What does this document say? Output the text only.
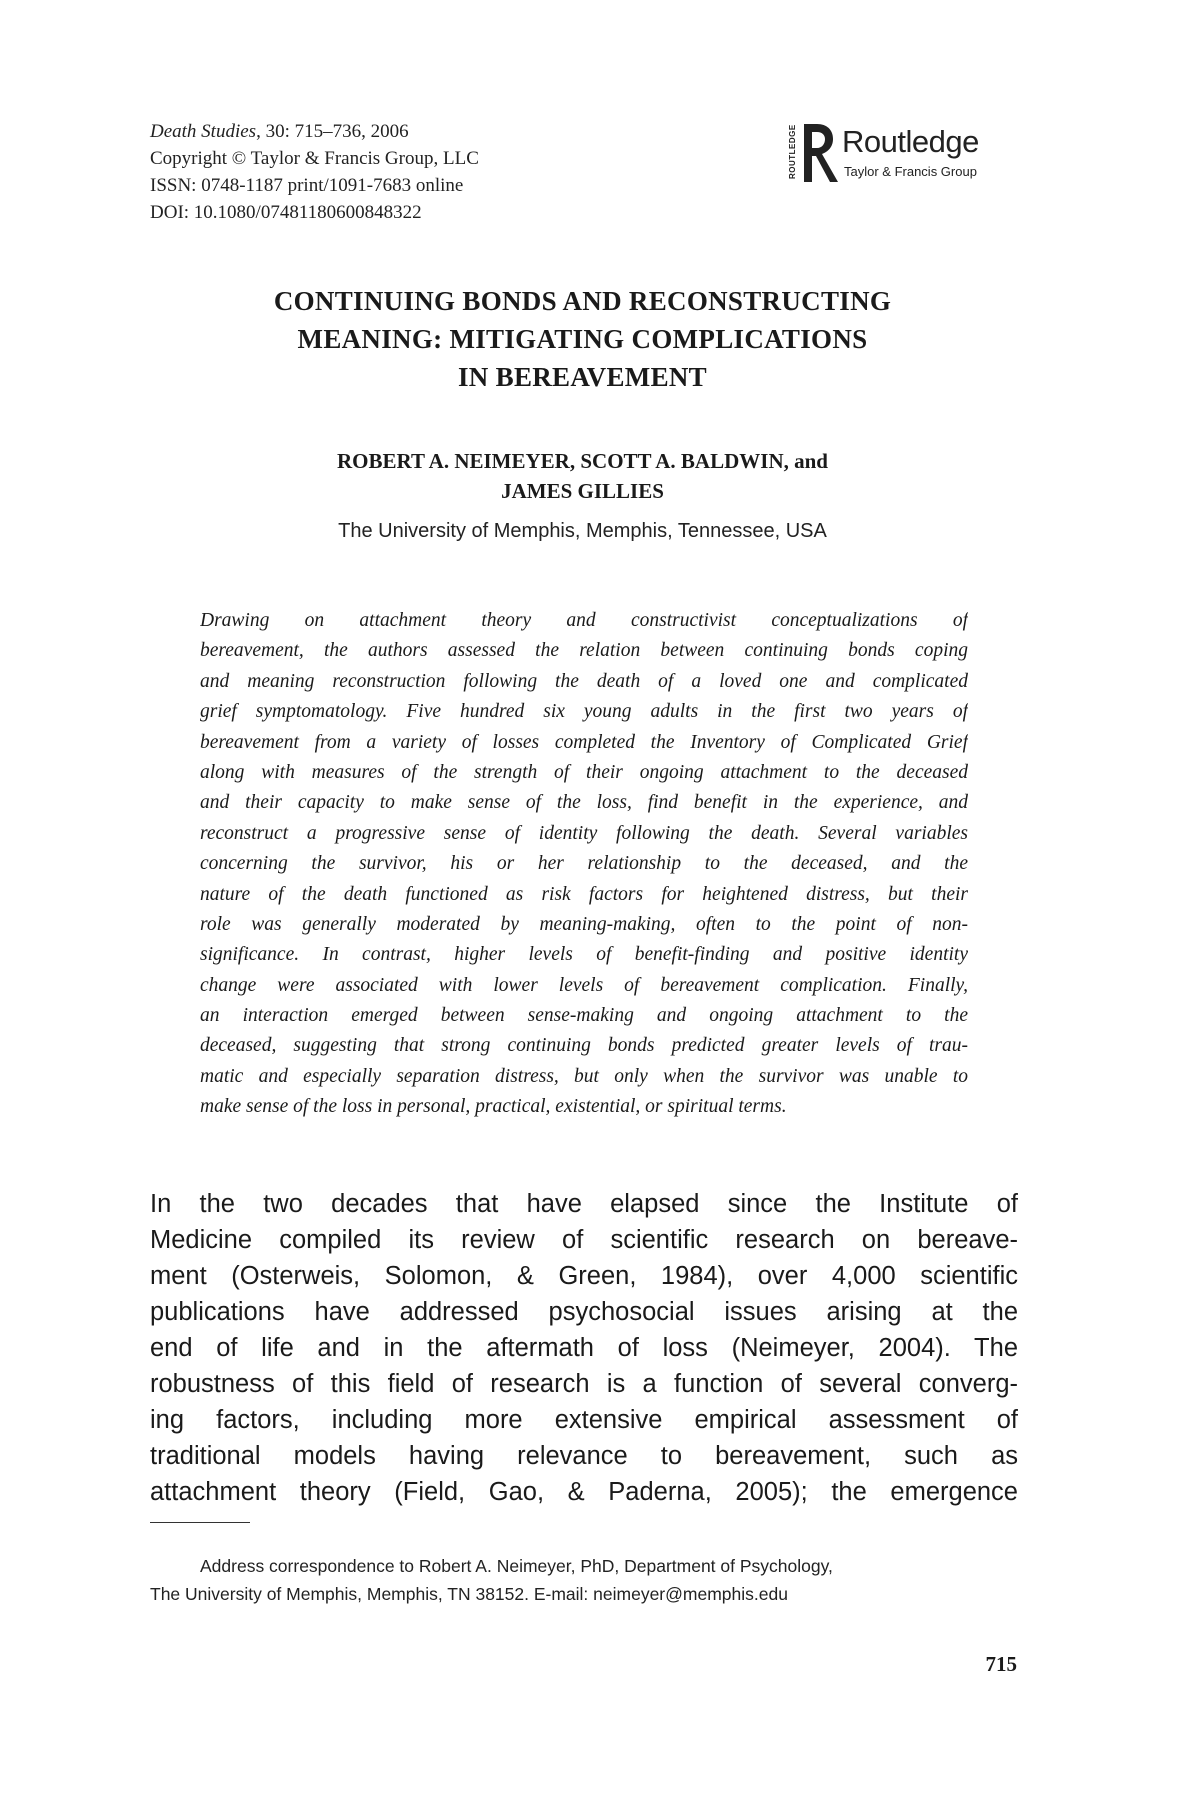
Death Studies, 30: 715–736, 2006
Copyright © Taylor & Francis Group, LLC
ISSN: 0748-1187 print/1091-7683 online
DOI: 10.1080/07481180600848322
ROUTLEDGE Routledge
Taylor & Francis Group
CONTINUING BONDS AND RECONSTRUCTING
MEANING: MITIGATING COMPLICATIONS
IN BEREAVEMENT
ROBERT A. NEIMEYER, SCOTT A. BALDWIN, and
JAMES GILLIES
The University of Memphis, Memphis, Tennessee, USA
Drawing on attachment theory and constructivist conceptualizations of
bereavement, the authors assessed the relation between continuing bonds coping
and meaning reconstruction following the death of a loved one and complicated
grief symptomatology. Five hundred six young adults in the first two years of
bereavement from a variety of losses completed the Inventory of Complicated Grief
along with measures of the strength of their ongoing attachment to the deceased
and their capacity to make sense of the loss, find benefit in the experience, and
reconstruct a progressive sense of identity following the death. Several variables
concerning the survivor, his or her relationship to the deceased, and the
nature of the death functioned as risk factors for heightened distress, but their
role was generally moderated by meaning-making, often to the point of non-
significance. In contrast, higher levels of benefit-finding and positive identity
change were associated with lower levels of bereavement complication. Finally,
an interaction emerged between sense-making and ongoing attachment to the
deceased, suggesting that strong continuing bonds predicted greater levels of trau-
matic and especially separation distress, but only when the survivor was unable to
make sense of the loss in personal, practical, existential, or spiritual terms.
In the two decades that have elapsed since the Institute of
Medicine compiled its review of scientific research on bereave-
ment (Osterweis, Solomon, & Green, 1984), over 4,000 scientific
publications have addressed psychosocial issues arising at the
end of life and in the aftermath of loss (Neimeyer, 2004). The
robustness of this field of research is a function of several converg-
ing factors, including more extensive empirical assessment of
traditional models having relevance to bereavement, such as
attachment theory (Field, Gao, & Paderna, 2005); the emergence
Address correspondence to Robert A. Neimeyer, PhD, Department of Psychology,
The University of Memphis, Memphis, TN 38152. E-mail: neimeyer@memphis.edu
715
